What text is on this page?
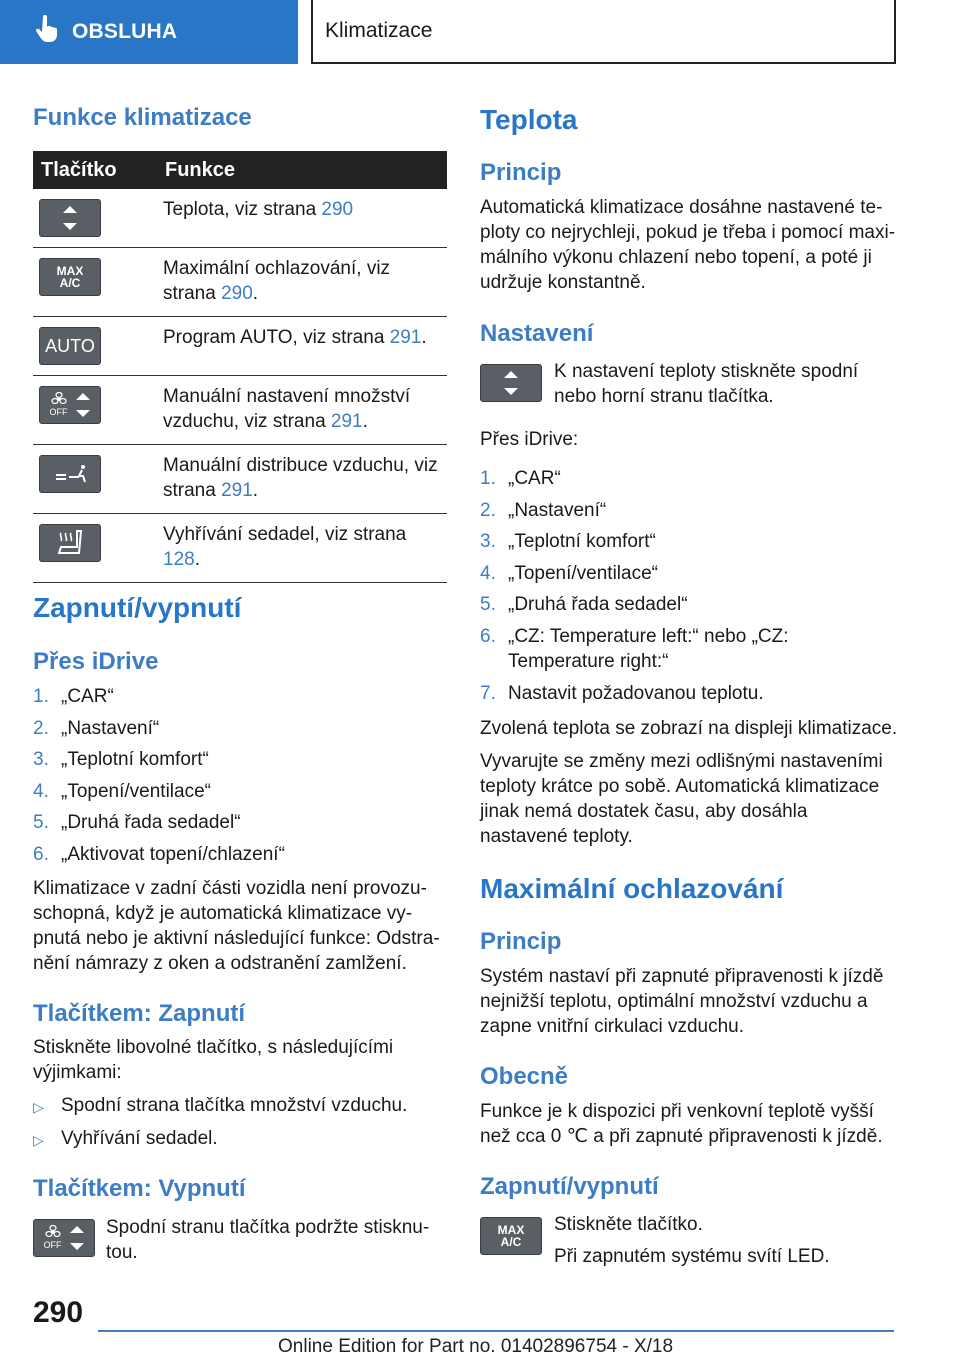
OBSLUHA	Klimatizace
Funkce klimatizace
Tlačítko	Funkce

	Teplota, viz strana 290

MAX
A/C	Maximální ochlazování, viz strana 290.

AUTO	Program AUTO, viz strana 291.

OFF	Manuální nastavení množství vzduchu, viz strana 291.

	Manuální distribuce vzduchu, viz strana 291.

	Vyhřívání sedadel, viz strana 128.
Zapnutí/vypnutí
Přes iDrive
1. „CAR“
2. „Nastavení“
3. „Teplotní komfort“
4. „Topení/ventilace“
5. „Druhá řada sedadel“
6. „Aktivovat topení/chlazení“

Klimatizace v zadní části vozidla není provozuschopná, když je automatická klimatizace vypnutá nebo je aktivní následující funkce: Odstranění námrazy z oken a odstranění zamlžení.

Tlačítkem: Zapnutí

Stiskněte libovolné tlačítko, s následujícími výjimkami:

▷ Spodní strana tlačítka množství vzduchu.
▷ Vyhřívání sedadel.
Tlačítkem: Vypnutí
OFF

Spodní stranu tlačítka podržte stisknutou.

Teplota
Princip

Automatická klimatizace dosáhne nastavené teploty co nejrychleji, pokud je třeba i pomocí maximálního výkonu chlazení nebo topení, a poté ji udržuje konstantně.

Nastavení

K nastavení teploty stiskněte spodní nebo horní stranu tlačítka.

Přes iDrive:

1. „CAR“
2. „Nastavení“
3. „Teplotní komfort“
4. „Topení/ventilace“
5. „Druhá řada sedadel“
6. „CZ: Temperature left:“ nebo „CZ: Temperature right:“
7. Nastavit požadovanou teplotu.

Zvolená teplota se zobrazí na displeji klimatizace.

Vyvarujte se změny mezi odlišnými nastaveními teploty krátce po sobě. Automatická klimatizace jinak nemá dostatek času, aby dosáhla nastavené teploty.

Maximální ochlazování
Princip

Systém nastaví při zapnuté připravenosti k jízdě nejnižší teplotu, optimální množství vzduchu a zapne vnitřní cirkulaci vzduchu.

Obecně

Funkce je k dispozici při venkovní teplotě vyšší než cca 0 ℃ a při zapnuté připravenosti k jízdě.

Zapnutí/vypnutí
MAX
A/C

Stiskněte tlačítko.

Při zapnutém systému svítí LED.

290
Online Edition for Part no. 01402896754 - X/18
